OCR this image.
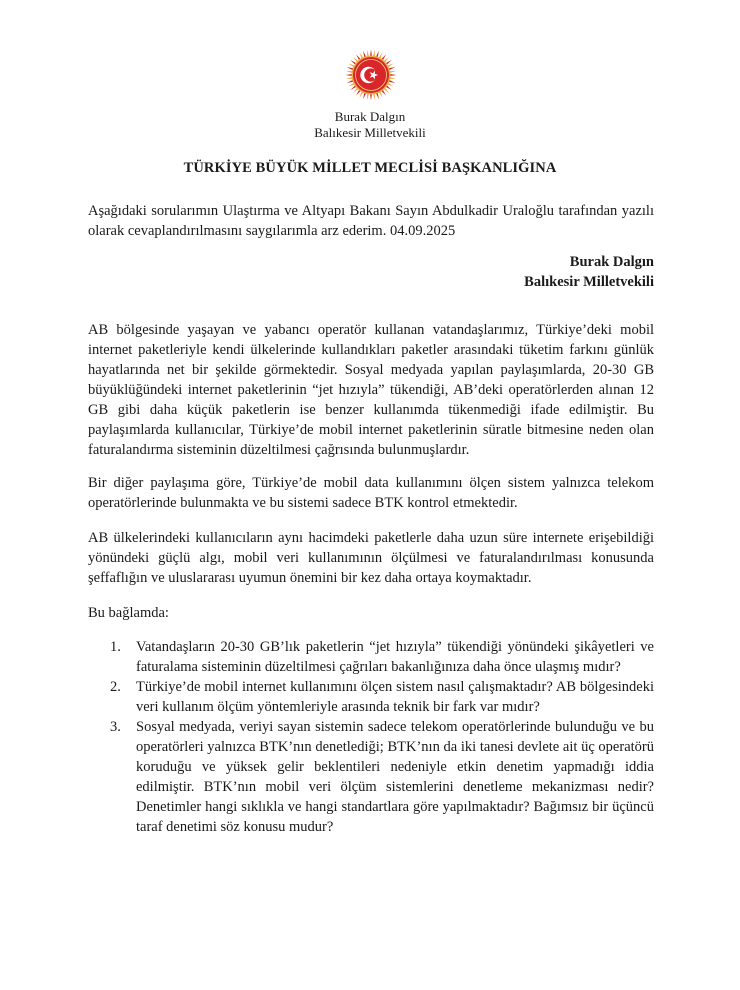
Burak Dalgın
Balıkesir Milletvekili
TÜRKİYE BÜYÜK MİLLET MECLİSİ BAŞKANLIĞINA

Aşağıdaki sorularımın Ulaştırma ve Altyapı Bakanı Sayın Abdulkadir Uraloğlu tarafından yazılı olarak cevaplandırılmasını saygılarımla arz ederim. 04.09.2025

Burak Dalgın
Balıkesir Milletvekili

AB bölgesinde yaşayan ve yabancı operatör kullanan vatandaşlarımız, Türkiye’deki mobil internet paketleriyle kendi ülkelerinde kullandıkları paketler arasındaki tüketim farkını günlük hayatlarında net bir şekilde görmektedir. Sosyal medyada yapılan paylaşımlarda, 20-30 GB büyüklüğündeki internet paketlerinin “jet hızıyla” tükendiği, AB’deki operatörlerden alınan 12 GB gibi daha küçük paketlerin ise benzer kullanımda tükenmediği ifade edilmiştir. Bu paylaşımlarda kullanıcılar, Türkiye’de mobil internet paketlerinin süratle bitmesine neden olan faturalandırma sisteminin düzeltilmesi çağrısında bulunmuşlardır.

Bir diğer paylaşıma göre, Türkiye’de mobil data kullanımını ölçen sistem yalnızca telekom operatörlerinde bulunmakta ve bu sistemi sadece BTK kontrol etmektedir.

AB ülkelerindeki kullanıcıların aynı hacimdeki paketlerle daha uzun süre internete erişebildiği yönündeki güçlü algı, mobil veri kullanımının ölçülmesi ve faturalandırılması konusunda şeffaflığın ve uluslararası uyumun önemini bir kez daha ortaya koymaktadır.

Bu bağlamda:

1. Vatandaşların 20-30 GB’lık paketlerin “jet hızıyla” tükendiği yönündeki şikâyetleri ve faturalama sisteminin düzeltilmesi çağrıları bakanlığınıza daha önce ulaşmış mıdır?
2. Türkiye’de mobil internet kullanımını ölçen sistem nasıl çalışmaktadır? AB bölgesindeki veri kullanım ölçüm yöntemleriyle arasında teknik bir fark var mıdır?
3. Sosyal medyada, veriyi sayan sistemin sadece telekom operatörlerinde bulunduğu ve bu operatörleri yalnızca BTK’nın denetlediği; BTK’nın da iki tanesi devlete ait üç operatörü koruduğu ve yüksek gelir beklentileri nedeniyle etkin denetim yapmadığı iddia edilmiştir. BTK’nın mobil veri ölçüm sistemlerini denetleme mekanizması nedir? Denetimler hangi sıklıkla ve hangi standartlara göre yapılmaktadır? Bağımsız bir üçüncü taraf denetimi söz konusu mudur?
